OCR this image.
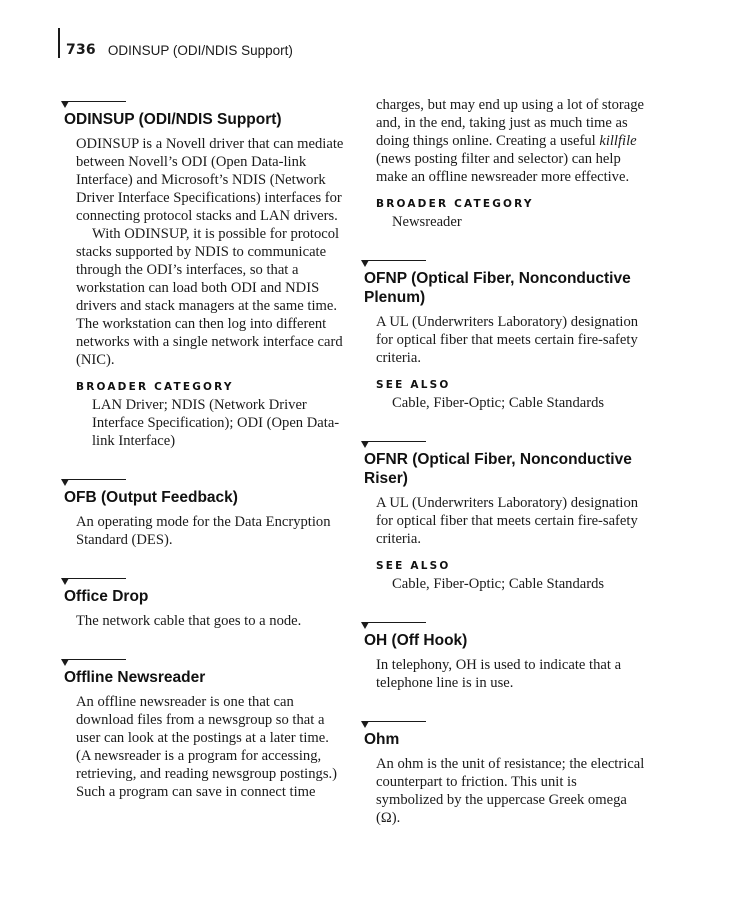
736 ODINSUP (ODI/NDIS Support)
ODINSUP (ODI/NDIS Support)

ODINSUP is a Novell driver that can mediate between Novell’s ODI (Open Data-link Interface) and Microsoft’s NDIS (Network Driver Interface Specifications) interfaces for connecting protocol stacks and LAN drivers.

With ODINSUP, it is possible for protocol stacks supported by NDIS to communicate through the ODI’s interfaces, so that a workstation can load both ODI and NDIS drivers and stack managers at the same time. The workstation can then log into different networks with a single network interface card (NIC).

BROADER CATEGORY
LAN Driver; NDIS (Network Driver Interface Specification); ODI (Open Data-link Interface)
OFB (Output Feedback)

An operating mode for the Data Encryption Standard (DES).

Office Drop

The network cable that goes to a node.

Offline Newsreader

An offline newsreader is one that can download files from a newsgroup so that a user can look at the postings at a later time. (A newsreader is a program for accessing, retrieving, and reading newsgroup postings.) Such a program can save in connect time

charges, but may end up using a lot of storage and, in the end, taking just as much time as doing things online. Creating a useful killfile (news posting filter and selector) can help make an offline newsreader more effective.

BROADER CATEGORY
Newsreader
OFNP (Optical Fiber, Nonconductive Plenum)

A UL (Underwriters Laboratory) designation for optical fiber that meets certain fire-safety criteria.

SEE ALSO
Cable, Fiber-Optic; Cable Standards
OFNR (Optical Fiber, Nonconductive Riser)

A UL (Underwriters Laboratory) designation for optical fiber that meets certain fire-safety criteria.

SEE ALSO
Cable, Fiber-Optic; Cable Standards
OH (Off Hook)

In telephony, OH is used to indicate that a telephone line is in use.

Ohm

An ohm is the unit of resistance; the electrical counterpart to friction. This unit is symbolized by the uppercase Greek omega (Ω).
